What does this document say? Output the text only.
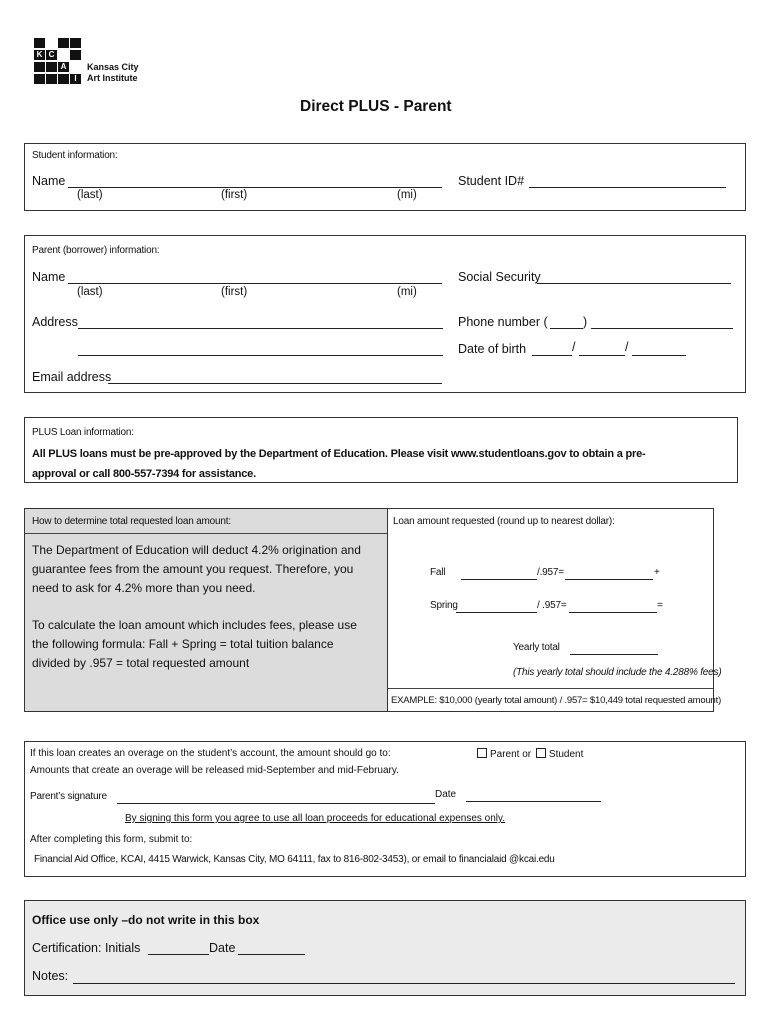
K C
A
I
Kansas City
Art Institute
Direct PLUS - Parent
Student information:
Name
(last)	(first)	(mi)
Student ID#
Parent (borrower) information:
Name
(last)	(first)	(mi)
Social Security
Address	Phone number (	)
Date of birth	/	/
Email address
PLUS Loan information:
All PLUS loans must be pre-approved by the Department of Education. Please visit www.studentloans.gov to obtain a pre-
approval or call 800-557-7394 for assistance.
How to determine total requested loan amount:
The Department of Education will deduct 4.2% origination and
guarantee fees from the amount you request. Therefore, you
need to ask for 4.2% more than you need.
To calculate the loan amount which includes fees, please use
the following formula: Fall + Spring = total tuition balance
divided by .957 = total requested amount
Loan amount requested (round up to nearest dollar):
Fall	/.957=	+
Spring	/ .957=	=
Yearly total
(This yearly total should include the 4.288% fees)
EXAMPLE: $10,000 (yearly total amount) / .957= $10,449 total requested amount)
If this loan creates an overage on the student’s account, the amount should go to:	Parent or Student
Amounts that create an overage will be released mid-September and mid-February.
Parent’s signature	Date
By signing this form you agree to use all loan proceeds for educational expenses only.
After completing this form, submit to:
Financial Aid Office, KCAI, 4415 Warwick, Kansas City, MO 64111, fax to 816-802-3453), or email to financialaid @kcai.edu
Office use only –do not write in this box
Certification: Initials	Date
Notes:
